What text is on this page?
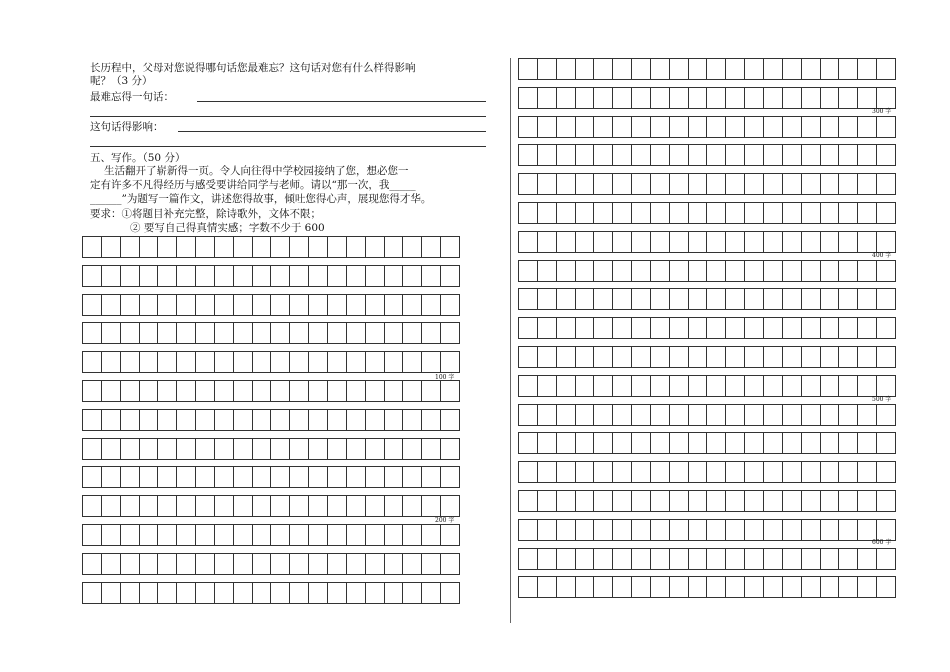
长历程中，父母对您说得哪句话您最难忘？这句话对您有什么样得影响
呢？（3 分）
最难忘得一句话：
这句话得影响：
五、写作。（50 分）
生活翻开了崭新得一页。令人向往得中学校园接纳了您，想必您一
定有许多不凡得经历与感受要讲给同学与老师。请以“那一次，我_____
______”为题写一篇作文，讲述您得故事，倾吐您得心声，展现您得才华。
要求：①将题目补充完整，除诗歌外，文体不限；
② 要写自己得真情实感；字数不少于 600
100 字
200 字
300 字
400 字
500 字
600 字
